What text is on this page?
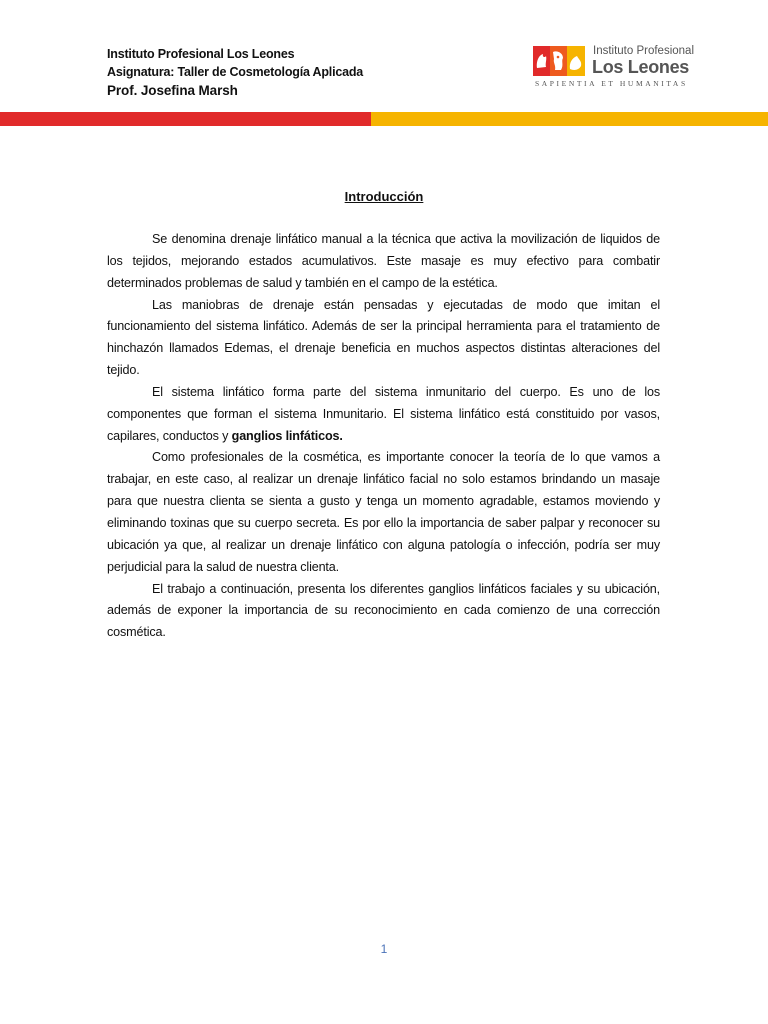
Instituto Profesional Los Leones
Asignatura: Taller de Cosmetología Aplicada
Prof. Josefina Marsh
Instituto Profesional
Los Leones
SAPIENTIA ET HUMANITAS
Introducción

Se denomina drenaje linfático manual a la técnica que activa la movilización de liquidos de los tejidos, mejorando estados acumulativos. Este masaje es muy efectivo para combatir determinados problemas de salud y también en el campo de la estética.

Las maniobras de drenaje están pensadas y ejecutadas de modo que imitan el funcionamiento del sistema linfático. Además de ser la principal herramienta para el tratamiento de hinchazón llamados Edemas, el drenaje beneficia en muchos aspectos distintas alteraciones del tejido.

El sistema linfático forma parte del sistema inmunitario del cuerpo. Es uno de los componentes que forman el sistema Inmunitario. El sistema linfático está constituido por vasos, capilares, conductos y ganglios linfáticos.

Como profesionales de la cosmética, es importante conocer la teoría de lo que vamos a trabajar, en este caso, al realizar un drenaje linfático facial no solo estamos brindando un masaje para que nuestra clienta se sienta a gusto y tenga un momento agradable, estamos moviendo y eliminando toxinas que su cuerpo secreta. Es por ello la importancia de saber palpar y reconocer su ubicación ya que, al realizar un drenaje linfático con alguna patología o infección, podría ser muy perjudicial para la salud de nuestra clienta.

El trabajo a continuación, presenta los diferentes ganglios linfáticos faciales y su ubicación, además de exponer la importancia de su reconocimiento en cada comienzo de una corrección cosmética.

1
